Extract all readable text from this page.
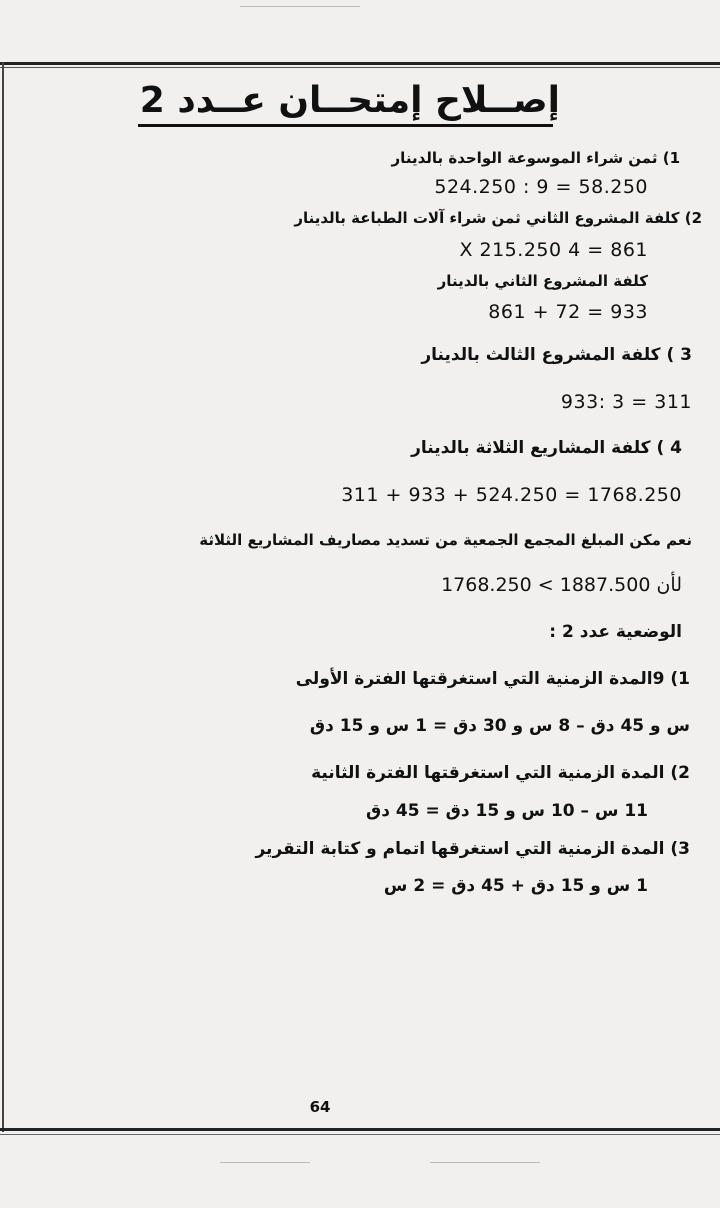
إصــلاح إمتحــان عــدد 2
1) ثمن شراء الموسوعة الواحدة بالدينار
58.250 = 9 : 524.250
2) كلفة المشروع الثاني ثمن شراء آلات الطباعة بالدينار
861 = 4 X 215.250
كلفة المشروع الثاني بالدينار
933 = 72 + 861
3 ) كلفة المشروع الثالث بالدينار
311 = 3 :933
4 ) كلفة المشاريع الثلاثة بالدينار
1768.250 = 524.250 + 933 + 311
نعم مكن المبلغ المجمع الجمعية من تسديد مصاريف المشاريع الثلاثة
لأن 1887.500 > 1768.250
الوضعية عدد 2 :
1) 9المدة الزمنية التي استغرقتها الفترة الأولى
س و 45 دق – 8 س و 30 دق = 1 س و 15 دق
2) المدة الزمنية التي استغرقتها الفترة الثانية
11 س – 10 س و 15 دق = 45 دق
3) المدة الزمنية التي استغرقها اتمام و كتابة التقرير
1 س و 15 دق + 45 دق = 2 س
64
